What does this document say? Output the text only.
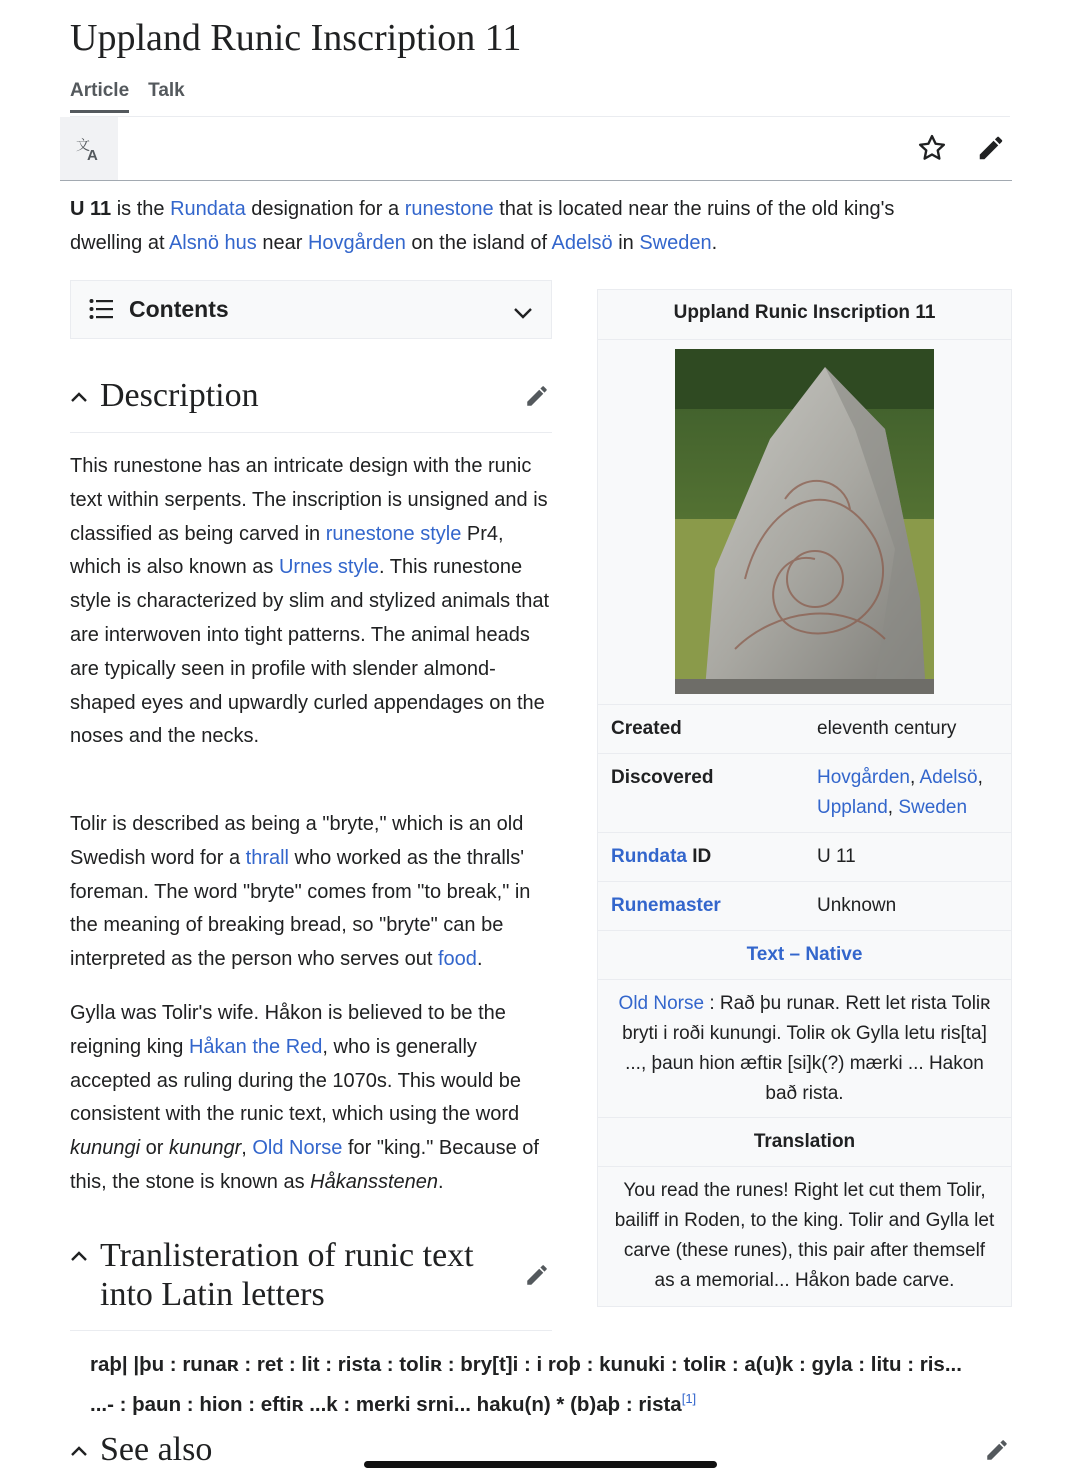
Uppland Runic Inscription 11
Article Talk
文
A
U 11 is the Rundata designation for a runestone that is located near the ruins of the old king's dwelling at Alsnö hus near Hovgården on the island of Adelsö in Sweden.
Contents
Description

This runestone has an intricate design with the runic text within serpents. The inscription is unsigned and is classified as being carved in runestone style Pr4, which is also known as Urnes style. This runestone style is characterized by slim and stylized animals that are interwoven into tight patterns. The animal heads are typically seen in profile with slender almond-shaped eyes and upwardly curled appendages on the noses and the necks.

Tolir is described as being a "bryte," which is an old Swedish word for a thrall who worked as the thralls' foreman. The word "bryte" comes from "to break," in the meaning of breaking bread, so "bryte" can be interpreted as the person who serves out food.

Gylla was Tolir's wife. Håkon is believed to be the reigning king Håkan the Red, who is generally accepted as ruling during the 1070s. This would be consistent with the runic text, which using the word kunungi or kunungr, Old Norse for "king." Because of this, the stone is known as Håkansstenen.

Tranlisteration of runic text into Latin letters
raþ| |þu : runaʀ : ret : lit : rista : toliʀ : bry[t]i : i roþ : kunuki : toliʀ : a(u)k : gyla : litu : ris... ...- : þaun : hion : eftiʀ ...k : merki srni... haku(n) * (b)aþ : rista[1]
See also
Uppland Runic Inscription 11
Created	eleventh century
Discovered	Hovgården, Adelsö,
Uppland, Sweden
Rundata ID	U 11
Runemaster	Unknown
Text – Native
Old Norse : Rað þu runaʀ. Rett let rista Toliʀ bryti i roði kunungi. Toliʀ ok Gylla letu ris[ta] ..., þaun hion æftiʀ [si]k(?) mærki ... Hakon bað rista.
Translation
You read the runes! Right let cut them Tolir, bailiff in Roden, to the king. Tolir and Gylla let carve (these runes), this pair after themself as a memorial... Håkon bade carve.
